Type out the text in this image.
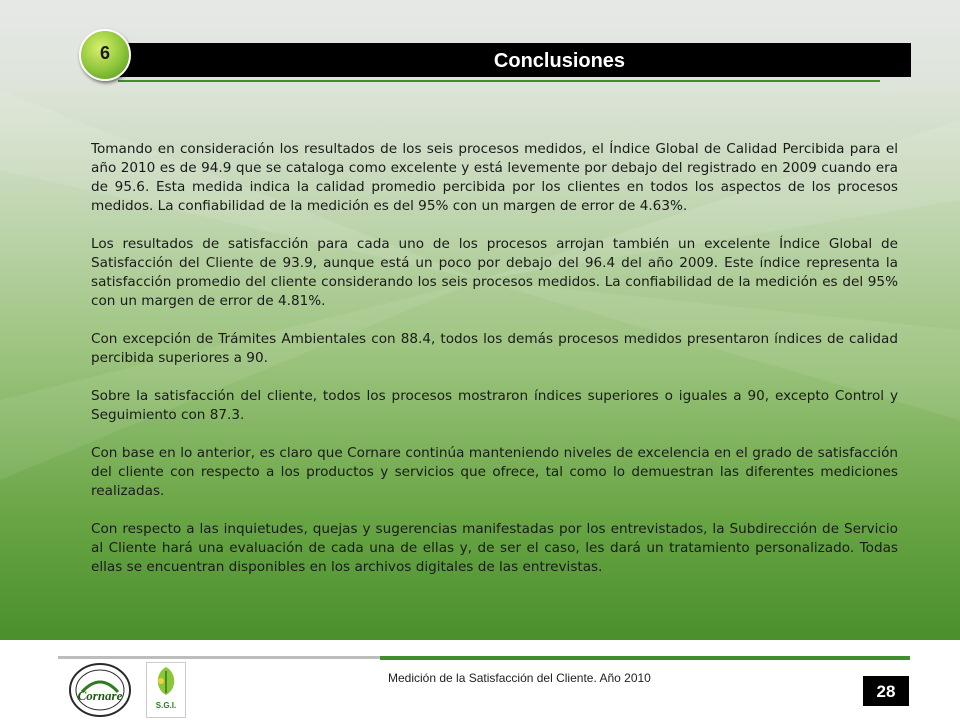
Conclusiones
6

Tomando en consideración los resultados de los seis procesos medidos, el Índice Global de Calidad Percibida para el año 2010 es de 94.9 que se cataloga como excelente y está levemente por debajo del registrado en 2009 cuando era de 95.6. Esta medida indica la calidad promedio percibida por los clientes en todos los aspectos de los procesos medidos. La confiabilidad de la medición es del 95% con un margen de error de 4.63%.

Los resultados de satisfacción para cada uno de los procesos arrojan también un excelente Índice Global de Satisfacción del Cliente de 93.9, aunque está un poco por debajo del 96.4 del año 2009. Este índice representa la satisfacción promedio del cliente considerando los seis procesos medidos. La confiabilidad de la medición es del 95% con un margen de error de 4.81%.

Con excepción de Trámites Ambientales con 88.4, todos los demás procesos medidos presentaron índices de calidad percibida superiores a 90.

Sobre la satisfacción del cliente, todos los procesos mostraron índices superiores o iguales a 90, excepto Control y Seguimiento con 87.3.

Con base en lo anterior, es claro que Cornare continúa manteniendo niveles de excelencia en el grado de satisfacción del cliente con respecto a los productos y servicios que ofrece, tal como lo demuestran las diferentes mediciones realizadas.

Con respecto a las inquietudes, quejas y sugerencias manifestadas por los entrevistados, la Subdirección de Servicio al Cliente hará una evaluación de cada una de ellas y, de ser el caso, les dará un tratamiento personalizado. Todas ellas se encuentran disponibles en los archivos digitales de las entrevistas.

Cornare
S.G.I.
Medición de la Satisfacción del Cliente. Año 2010
28
